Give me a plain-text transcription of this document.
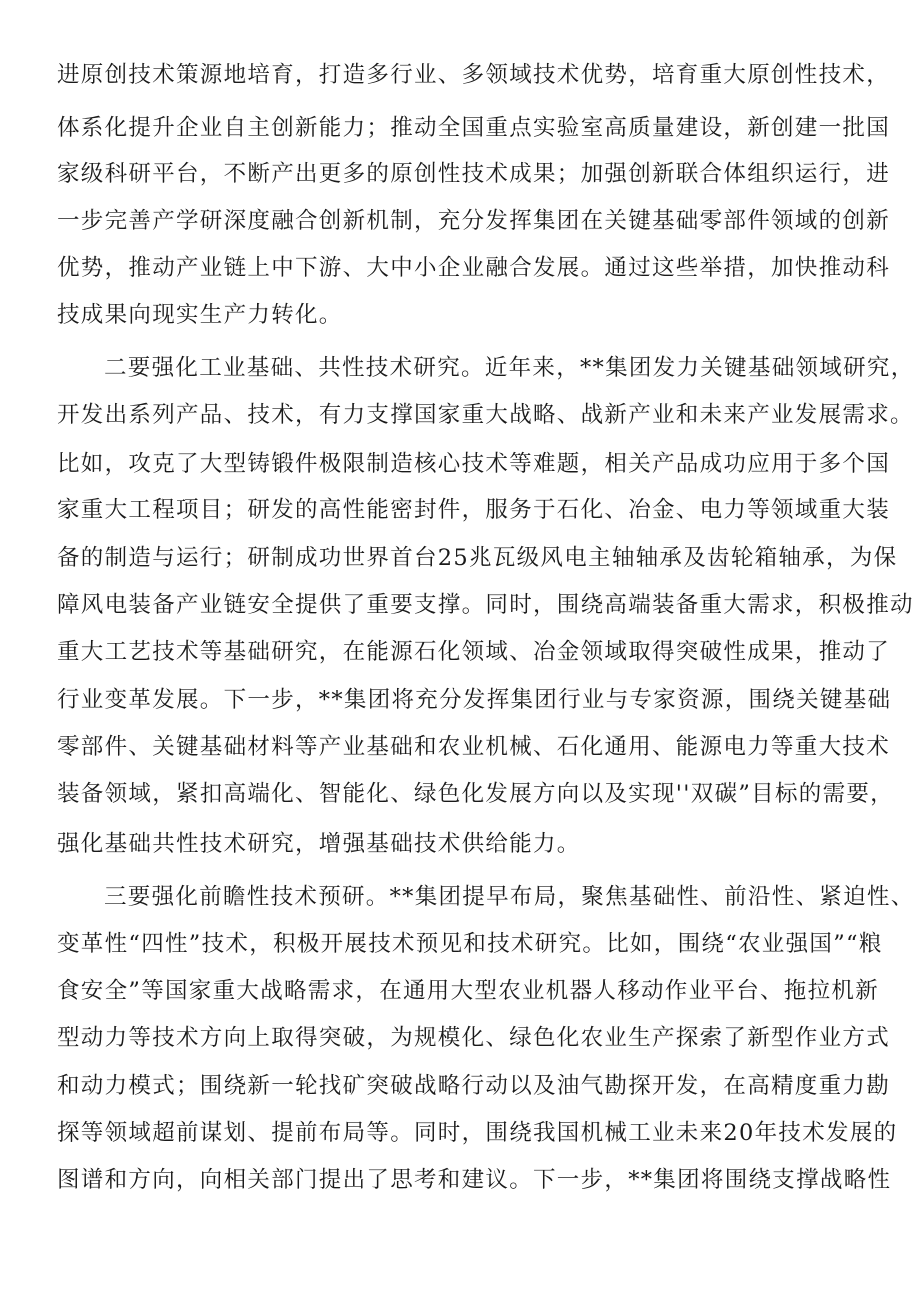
进原创技术策源地培育，打造多行业、多领域技术优势，培育重大原创性技术，
体系化提升企业自主创新能力；推动全国重点实验室高质量建设，新创建一批国
家级科研平台，不断产出更多的原创性技术成果；加强创新联合体组织运行，进
一步完善产学研深度融合创新机制，充分发挥集团在关键基础零部件领域的创新
优势，推动产业链上中下游、大中小企业融合发展。通过这些举措，加快推动科
技成果向现实生产力转化。
二要强化工业基础、共性技术研究。近年来，**集团发力关键基础领域研究，
开发出系列产品、技术，有力支撑国家重大战略、战新产业和未来产业发展需求。
比如，攻克了大型铸锻件极限制造核心技术等难题，相关产品成功应用于多个国
家重大工程项目；研发的高性能密封件，服务于石化、冶金、电力等领域重大装
备的制造与运行；研制成功世界首台25兆瓦级风电主轴轴承及齿轮箱轴承，为保
障风电装备产业链安全提供了重要支撑。同时，围绕高端装备重大需求，积极推动
重大工艺技术等基础研究，在能源石化领域、冶金领域取得突破性成果，推动了
行业变革发展。下一步，**集团将充分发挥集团行业与专家资源，围绕关键基础
零部件、关键基础材料等产业基础和农业机械、石化通用、能源电力等重大技术
装备领域，紧扣高端化、智能化、绿色化发展方向以及实现''双碳”目标的需要，
强化基础共性技术研究，增强基础技术供给能力。
三要强化前瞻性技术预研。**集团提早布局，聚焦基础性、前沿性、紧迫性、
变革性“四性”技术，积极开展技术预见和技术研究。比如，围绕“农业强国”“粮
食安全”等国家重大战略需求，在通用大型农业机器人移动作业平台、拖拉机新
型动力等技术方向上取得突破，为规模化、绿色化农业生产探索了新型作业方式
和动力模式；围绕新一轮找矿突破战略行动以及油气勘探开发，在高精度重力勘
探等领域超前谋划、提前布局等。同时，围绕我国机械工业未来20年技术发展的
图谱和方向，向相关部门提出了思考和建议。下一步，**集团将围绕支撑战略性
